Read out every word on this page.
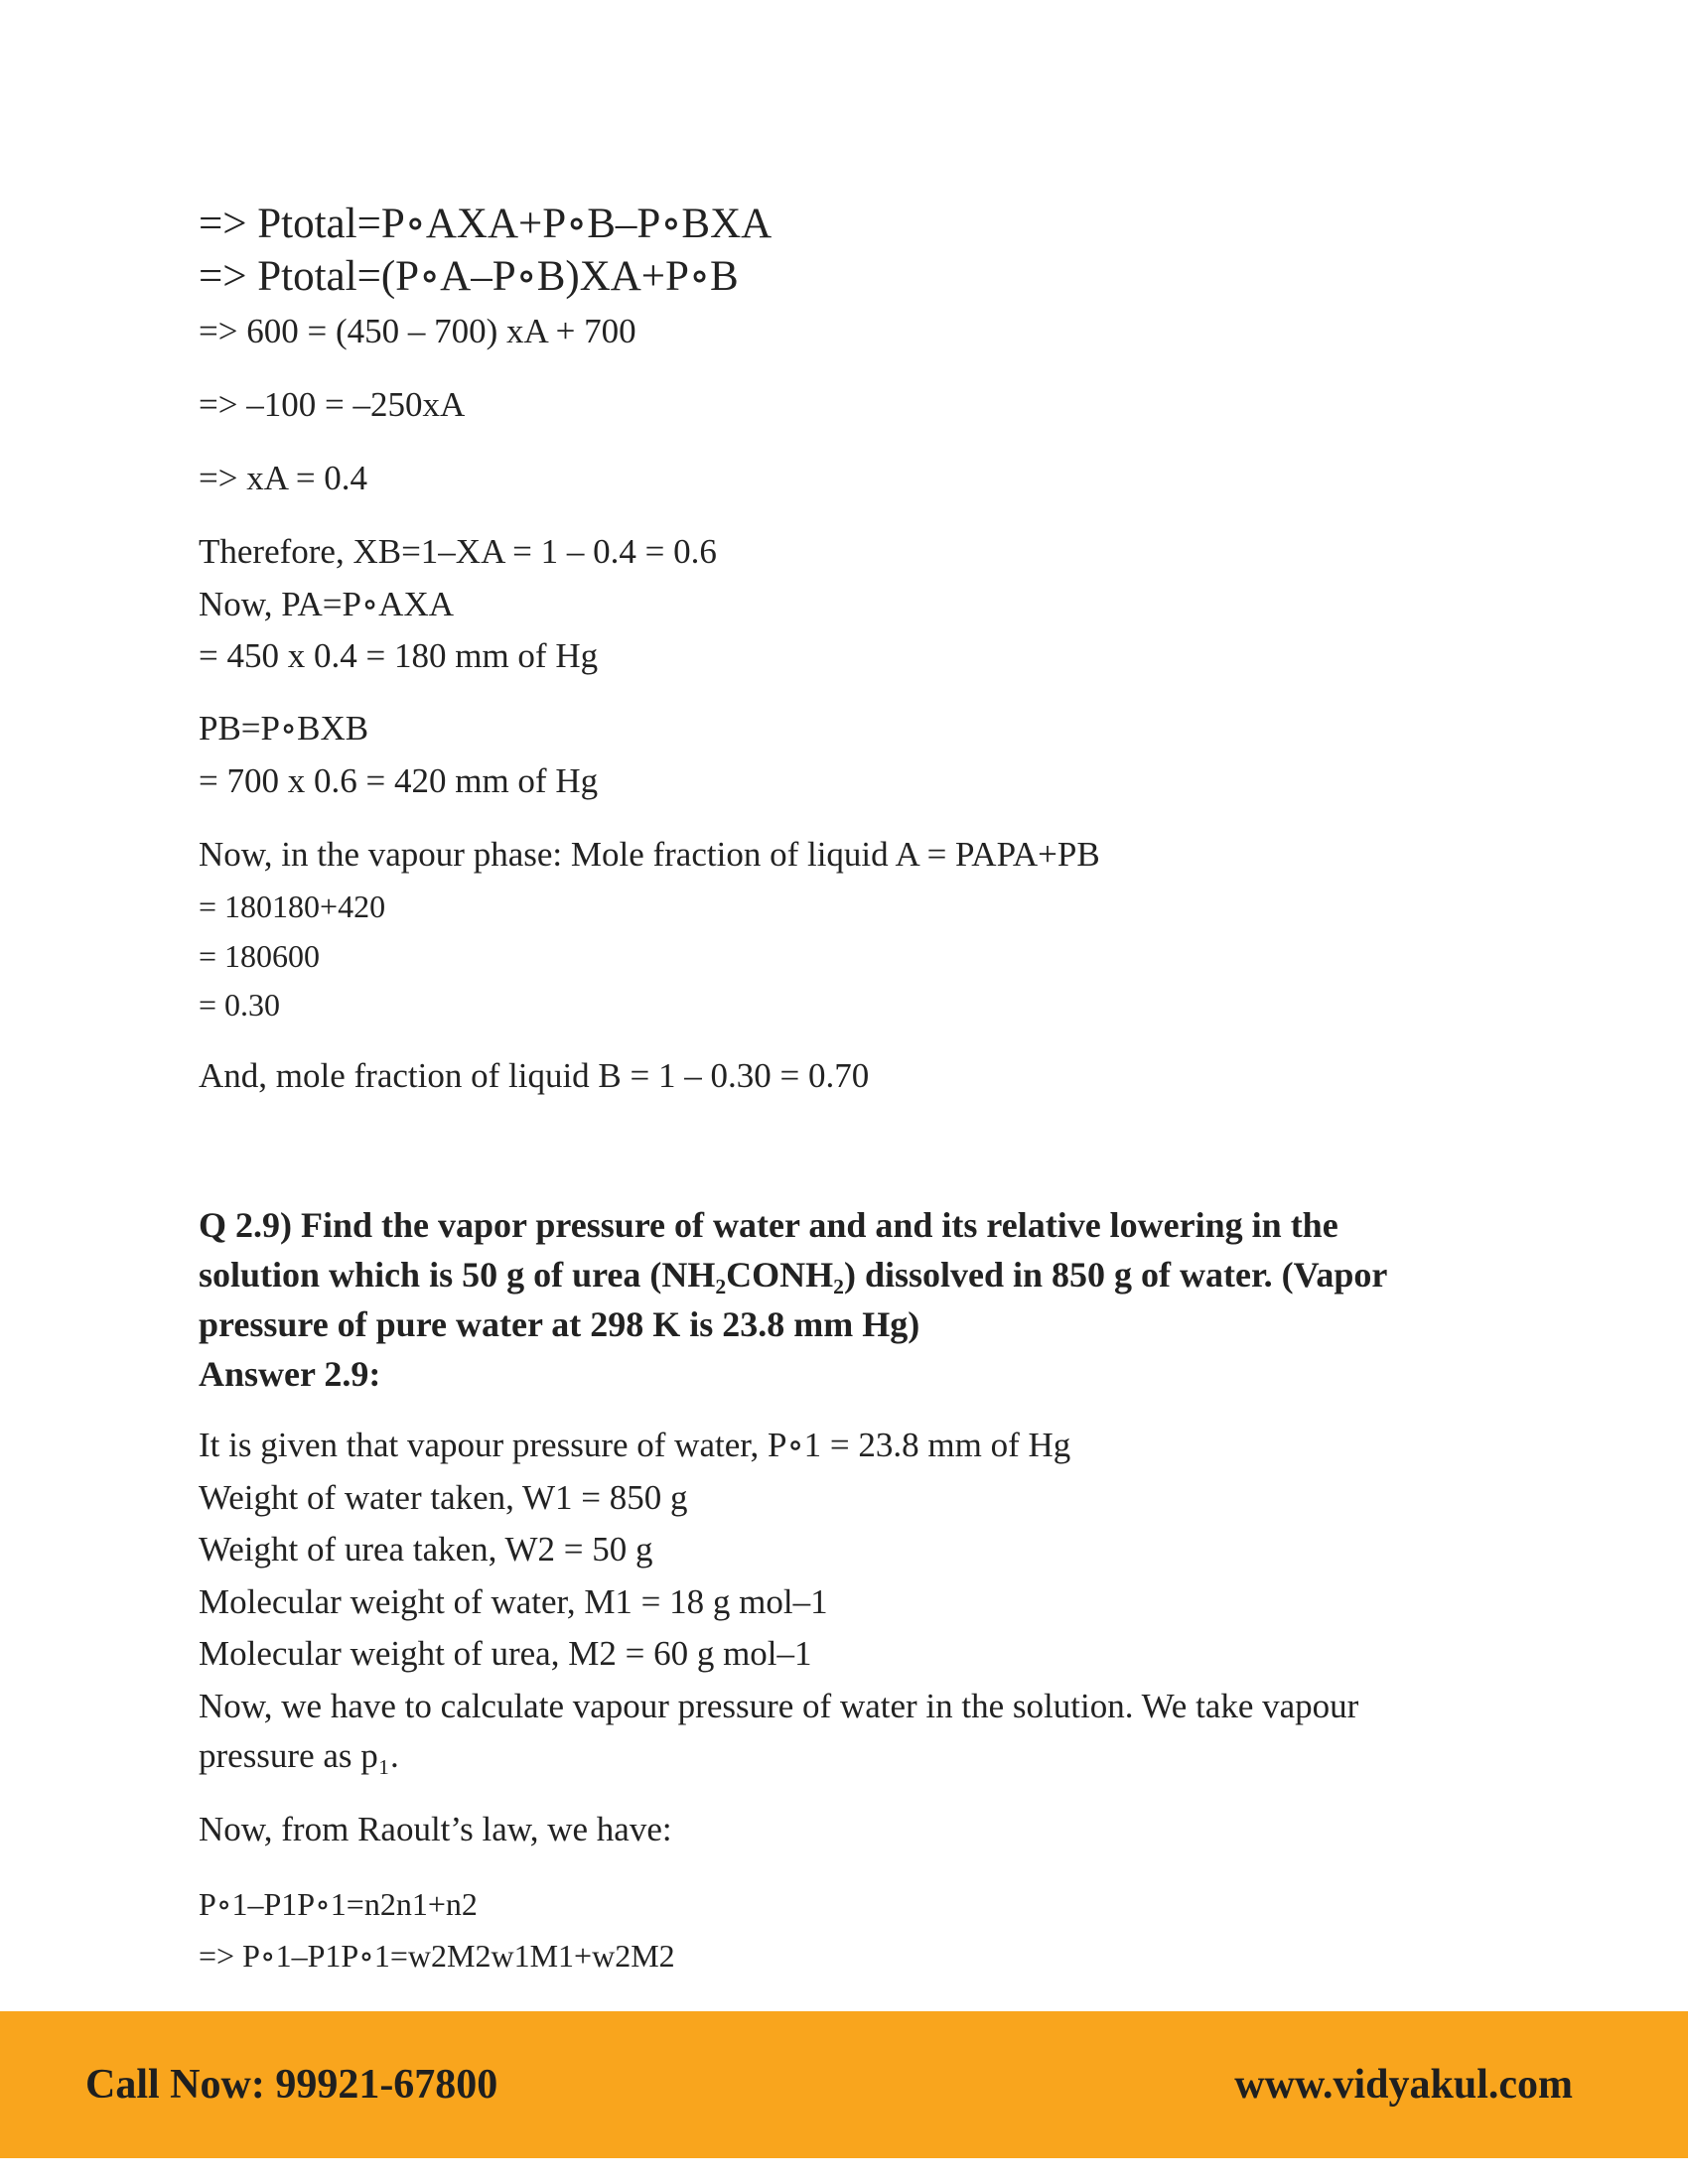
=> Ptotal=P∘AXA+P∘B–P∘BXA
=> Ptotal=(P∘A–P∘B)XA+P∘B
=> 600 = (450 – 700) xA + 700
=> –100 = –250xA
=> xA = 0.4
Therefore, XB=1–XA = 1 – 0.4 = 0.6
Now, PA=P∘AXA
= 450 x 0.4 = 180 mm of Hg
PB=P∘BXB
= 700 x 0.6 = 420 mm of Hg
Now, in the vapour phase: Mole fraction of liquid A = PAPA+PB
= 180180+420
= 180600
= 0.30
And, mole fraction of liquid B = 1 – 0.30 = 0.70
Q 2.9) Find the vapor pressure of water and and its relative lowering in the
solution which is 50 g of urea (NH₂CONH₂) dissolved in 850 g of water. (Vapor
pressure of pure water at 298 K is 23.8 mm Hg)
Answer 2.9:
It is given that vapour pressure of water, P∘1 = 23.8 mm of Hg
Weight of water taken, W1 = 850 g
Weight of urea taken, W2 = 50 g
Molecular weight of water, M1 = 18 g mol–1
Molecular weight of urea, M2 = 60 g mol–1
Now, we have to calculate vapour pressure of water in the solution. We take vapour
pressure as p₁.
Now, from Raoult’s law, we have:
P∘1–P1P∘1=n2n1+n2
=> P∘1–P1P∘1=w2M2w1M1+w2M2
Call Now: 99921-67800	www.vidyakul.com
